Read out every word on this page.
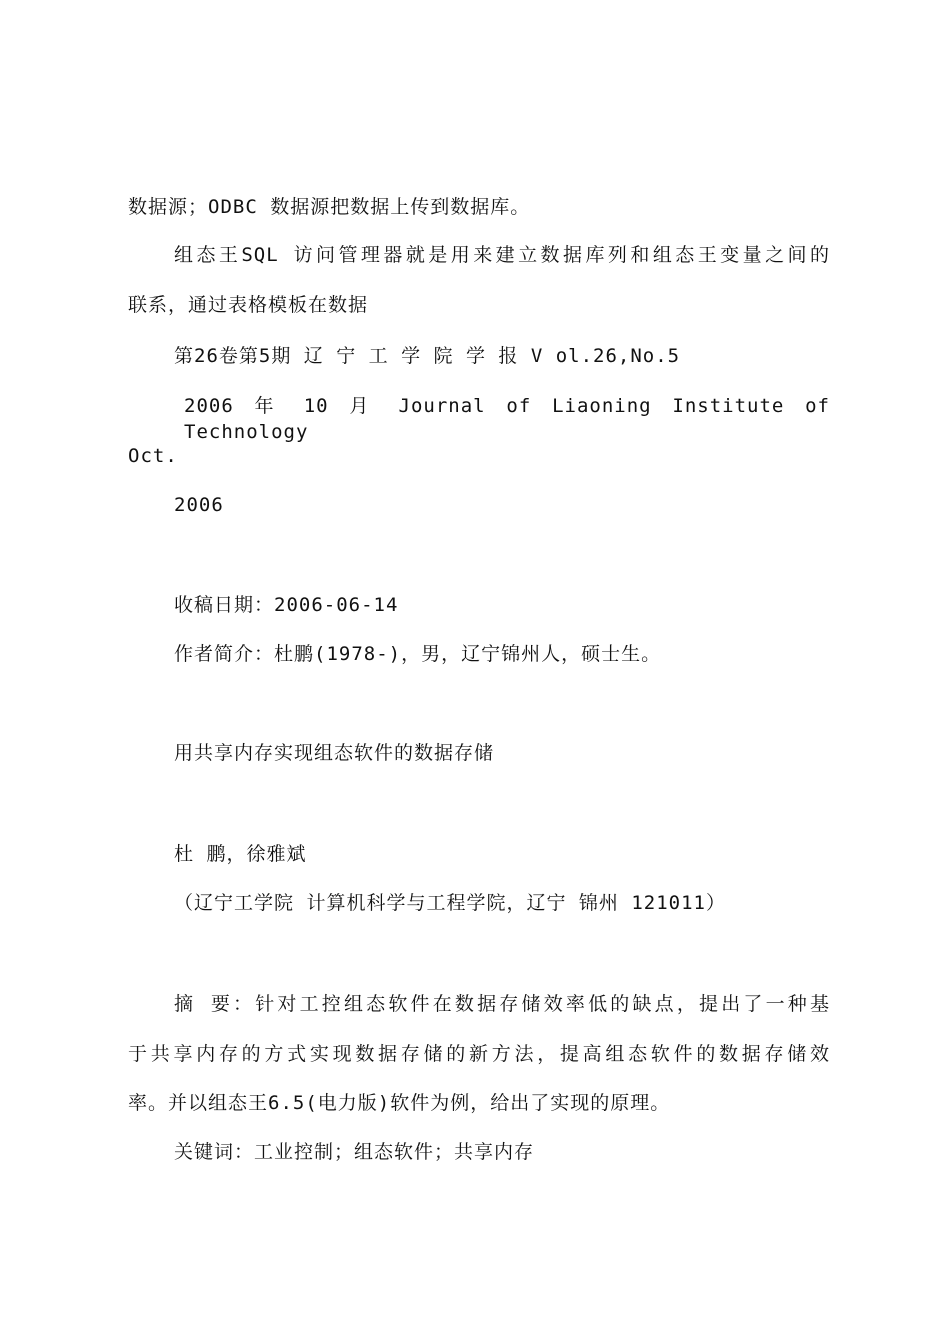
数据源；ODBC 数据源把数据上传到数据库。
组态王SQL 访问管理器就是用来建立数据库列和组态王变量之间的
联系，通过表格模板在数据
第26卷第5期 辽 宁 工 学 院 学 报 V ol.26,No.5
2006 年 10 月 Journal of Liaoning Institute of Technology
Oct.
2006
收稿日期：2006-06-14
作者简介：杜鹏(1978-)，男，辽宁锦州人，硕士生。
用共享内存实现组态软件的数据存储
杜 鹏，徐雅斌
（辽宁工学院 计算机科学与工程学院，辽宁 锦州 121011）
摘 要：针对工控组态软件在数据存储效率低的缺点，提出了一种基
于共享内存的方式实现数据存储的新方法，提高组态软件的数据存储效
率。并以组态王6.5(电力版)软件为例，给出了实现的原理。
关键词：工业控制；组态软件；共享内存
